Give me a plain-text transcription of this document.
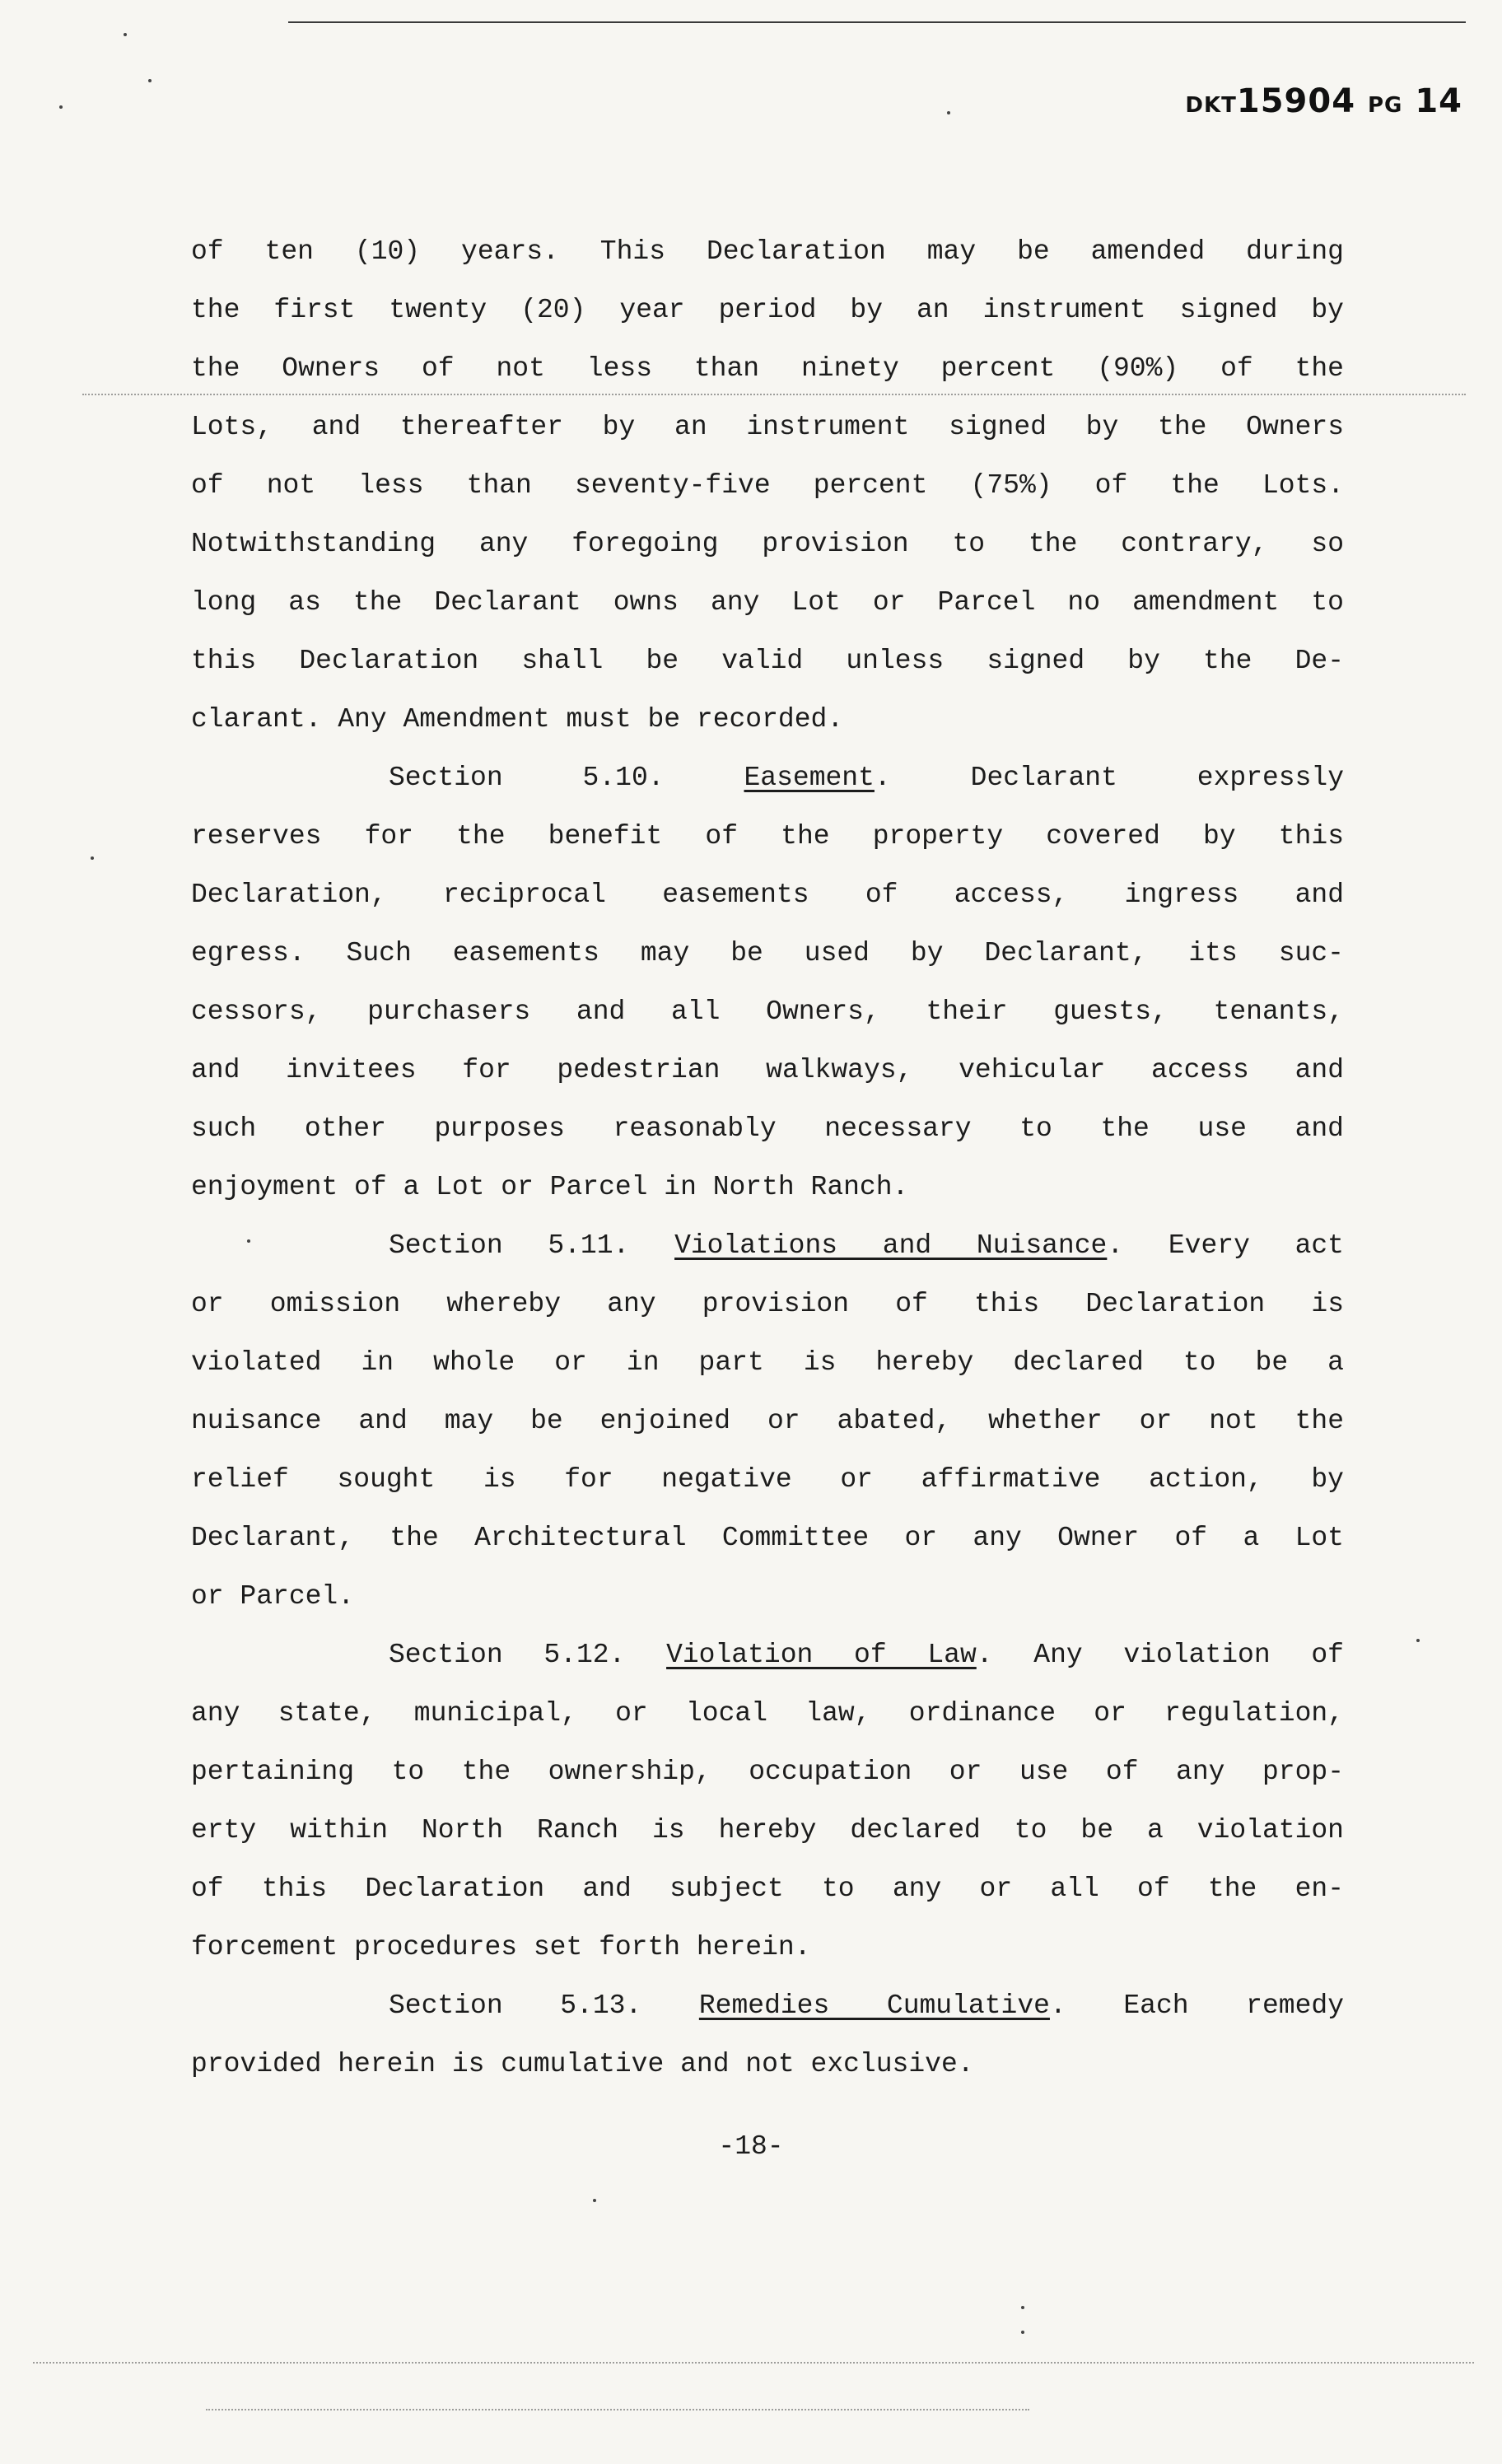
DKT15904 PG 14
of ten (10) years. This Declaration may be amended during
the first twenty (20) year period by an instrument signed by
the Owners of not less than ninety percent (90%) of the
Lots, and thereafter by an instrument signed by the Owners
of not less than seventy-five percent (75%) of the Lots.
Notwithstanding any foregoing provision to the contrary, so
long as the Declarant owns any Lot or Parcel no amendment to
this Declaration shall be valid unless signed by the De-
clarant. Any Amendment must be recorded.
Section 5.10.	Easement. Declarant expressly
reserves for the benefit of the property covered by this
Declaration, reciprocal easements of access, ingress and
egress. Such easements may be used by Declarant, its suc-
cessors, purchasers and all Owners, their guests, tenants,
and invitees for pedestrian walkways, vehicular access and
such other purposes reasonably necessary to the use and
enjoyment of a Lot or Parcel in North Ranch.
Section 5.11. Violations and Nuisance. Every act
or omission whereby any provision of this Declaration is
violated in whole or in part is hereby declared to be a
nuisance and may be enjoined or abated, whether or not the
relief sought is for negative or affirmative action, by
Declarant, the Architectural Committee or any Owner of a Lot
or Parcel.
Section 5.12. Violation of Law. Any violation of
any state, municipal, or local law, ordinance or regulation,
pertaining to the ownership, occupation or use of any prop-
erty within North Ranch is hereby declared to be a violation
of this Declaration and subject to any or all of the en-
forcement procedures set forth herein.
Section 5.13. Remedies Cumulative. Each remedy
provided herein is cumulative and not exclusive.
-18-
